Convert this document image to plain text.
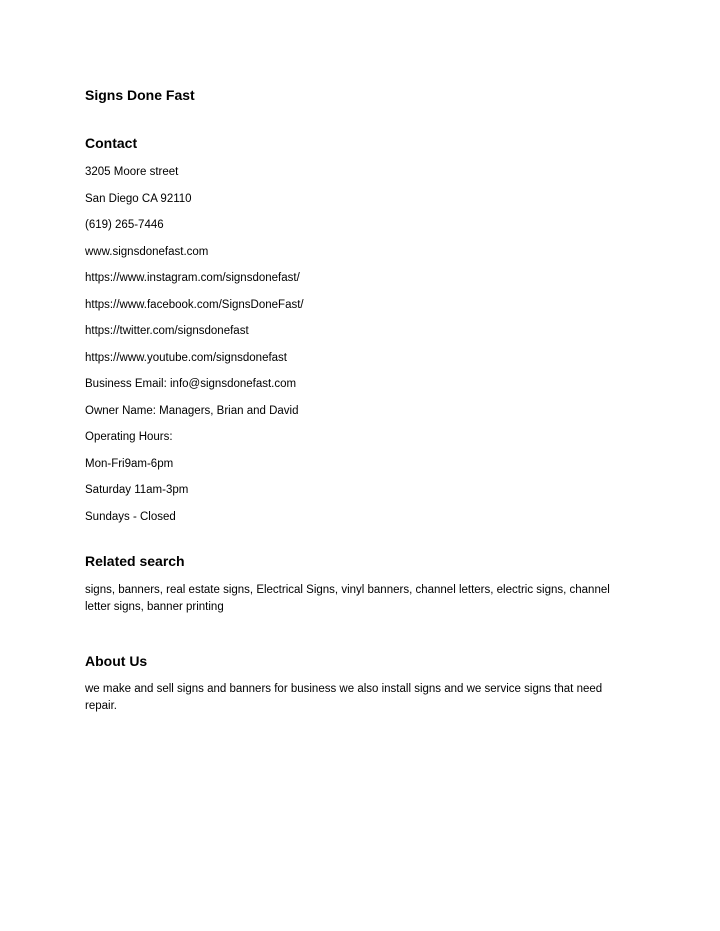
Signs Done Fast
Contact
3205 Moore street
San Diego CA 92110
(619) 265-7446
www.signsdonefast.com
https://www.instagram.com/signsdonefast/
https://www.facebook.com/SignsDoneFast/
https://twitter.com/signsdonefast
https://www.youtube.com/signsdonefast
Business Email: info@signsdonefast.com
Owner Name: Managers, Brian and David
Operating Hours:
Mon-Fri9am-6pm
Saturday 11am-3pm
Sundays - Closed
Related search

signs, banners, real estate signs, Electrical Signs, vinyl banners, channel letters, electric signs, channel letter signs, banner printing

About Us

we make and sell signs and banners for business we also install signs and we service signs that need repair.
